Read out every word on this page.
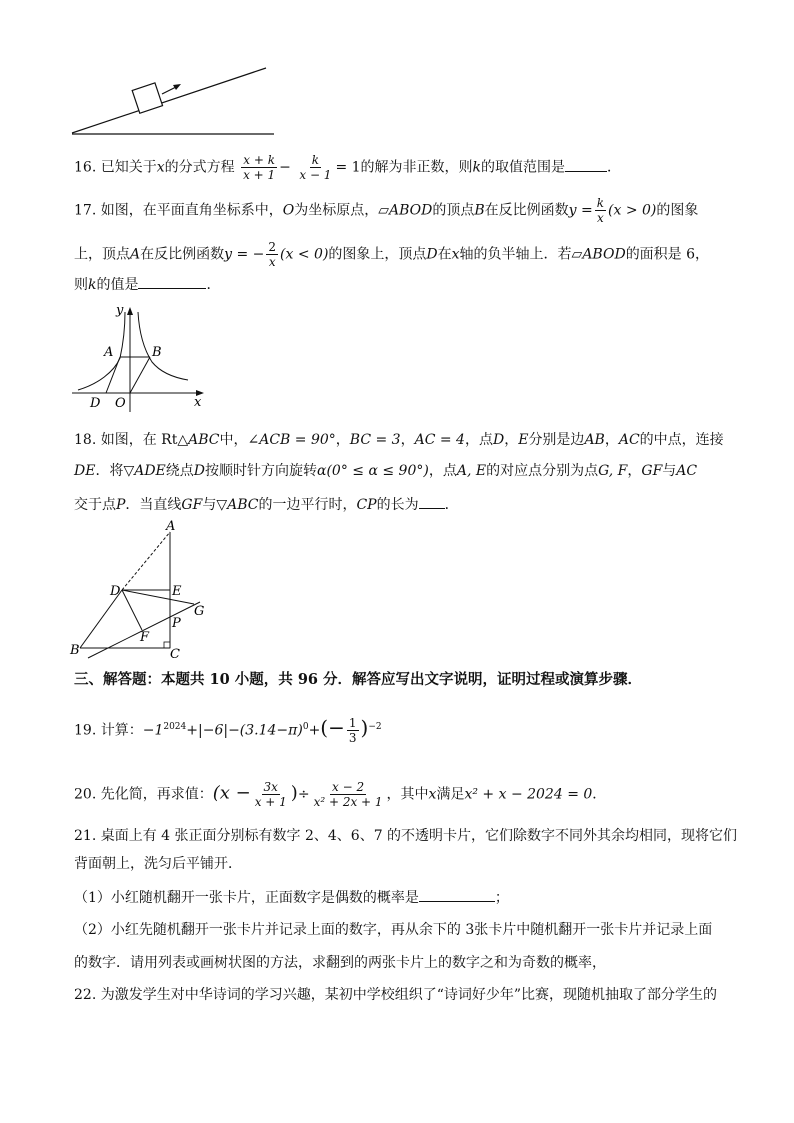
16. 已知关于x的分式方程 $\frac{x + k}{x + 1} - \frac{k}{x - 1} = 1$的解为非正数，则k的取值范围是	．
17. 如图，在平面直角坐标系中，O为坐标原点，▱ABOD的顶点B在反比例函数$y = \frac{k}{x} (x > 0)$的图象
上，顶点A在反比例函数y = − $\frac{2}{x} (x < 0)$的图象上，顶点D在x轴的负半轴上．若▱ABOD的面积是 6，
则k的值是	．
y
x
A	B
D O
18. 如图，在 Rt△ABC中，∠ACB = 90°，BC = 3，AC = 4，点D，E分别是边AB，AC的中点，连接
DE．将▽ADE绕点D按顺时针方向旋转α(0° ≤ α ≤ 90°)，点A, E的对应点分别为点G, F，GF与AC
交于点P．当直线GF与▽ABC的一边平行时，CP的长为 ．
A
D	E
G
P
F
B	C
三、解答题：本题共 10 小题，共 96 分．解答应写出文字说明，证明过程或演算步骤．
19. 计算：$-1^{2024}+|-6|-(3.14-\pi)^0+(- \frac{1}{3} )^{-2}$
20. 先化简，再求值：($x - \frac{3x}{x + 1}$ )÷ $\frac{x - 2}{\text{x² + 2x + 1}}$ ，其中x满足x² + x − 2024 = 0．
21. 桌面上有 4 张正面分别标有数字 2、4、6、7 的不透明卡片，它们除数字不同外其余均相同，现将它们
背面朝上，洗匀后平铺开．
（1）小红随机翻开一张卡片，正面数字是偶数的概率是	；
（2）小红先随机翻开一张卡片并记录上面的数字，再从余下的 3张卡片中随机翻开一张卡片并记录上面
的数字．请用列表或画树状图的方法，求翻到的两张卡片上的数字之和为奇数的概率，
22. 为激发学生对中华诗词的学习兴趣，某初中学校组织了“诗词好少年”比赛，现随机抽取了部分学生的
